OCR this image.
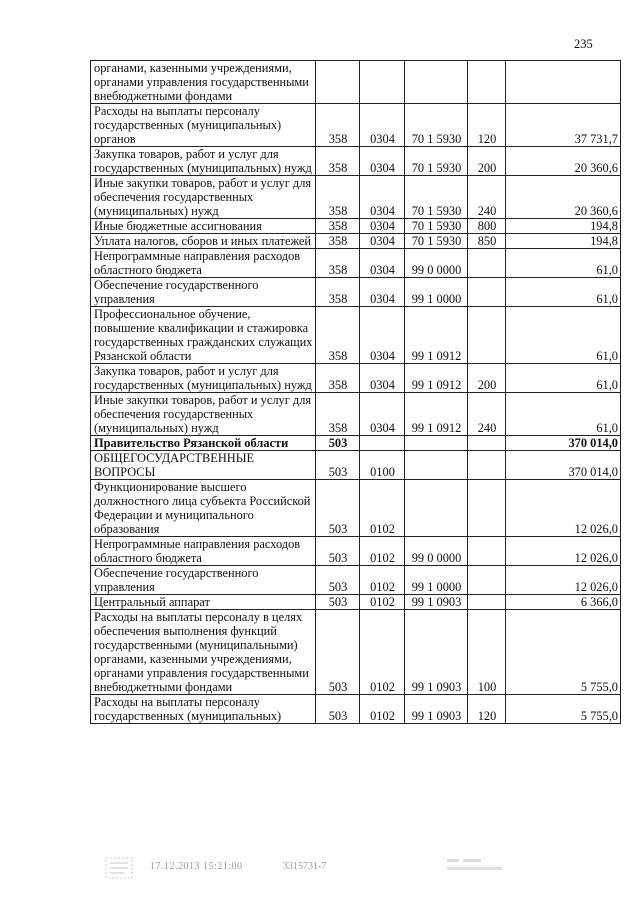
235
органами, казенными учреждениями, органами управления государственными внебюджетными фондами					
Расходы на выплаты персоналу государственных (муниципальных) органов	358	0304	70 1 5930	120	37 731,7
Закупка товаров, работ и услуг для государственных (муниципальных) нужд	358	0304	70 1 5930	200	20 360,6
Иные закупки товаров, работ и услуг для обеспечения государственных (муниципальных) нужд	358	0304	70 1 5930	240	20 360,6
Иные бюджетные ассигнования	358	0304	70 1 5930	800	194,8
Уплата налогов, сборов и иных платежей	358	0304	70 1 5930	850	194,8
Непрограммные направления расходов областного бюджета	358	0304	99 0 0000		61,0
Обеспечение государственного управления	358	0304	99 1 0000		61,0
Профессиональное обучение, повышение квалификации и стажировка государственных гражданских служащих Рязанской области	358	0304	99 1 0912		61,0
Закупка товаров, работ и услуг для государственных (муниципальных) нужд	358	0304	99 1 0912	200	61,0
Иные закупки товаров, работ и услуг для обеспечения государственных (муниципальных) нужд	358	0304	99 1 0912	240	61,0
Правительство Рязанской области	503				370 014,0
ОБЩЕГОСУДАРСТВЕННЫЕ ВОПРОСЫ	503	0100			370 014,0
Функционирование высшего должностного лица субъекта Российской Федерации и муниципального образования	503	0102			12 026,0
Непрограммные направления расходов областного бюджета	503	0102	99 0 0000		12 026,0
Обеспечение государственного управления	503	0102	99 1 0000		12 026,0
Центральный аппарат	503	0102	99 1 0903		6 366,0
Расходы на выплаты персоналу в целях обеспечения выполнения функций государственными (муниципальными) органами, казенными учреждениями, органами управления государственными внебюджетными фондами	503	0102	99 1 0903	100	5 755,0
Расходы на выплаты персоналу государственных (муниципальных)	503	0102	99 1 0903	120	5 755,0
17.12.2013 15:21:00	3315731-7
